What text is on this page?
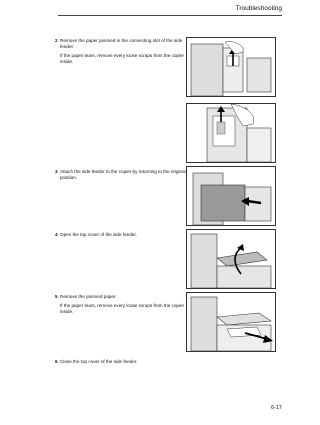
Troubleshooting
2 Remove the paper jammed in the connecting slot of the side feeder.

If the paper tears, remove every loose scraps from the copier inside.

3 Attach the side feeder to the copier by returning to the original position.

4 Open the top cover of the side feeder.

5 Remove the jammed paper.

If the paper tears, remove every loose scraps from the copier inside.

6 Close the top cover of the side feeder.

6-17
